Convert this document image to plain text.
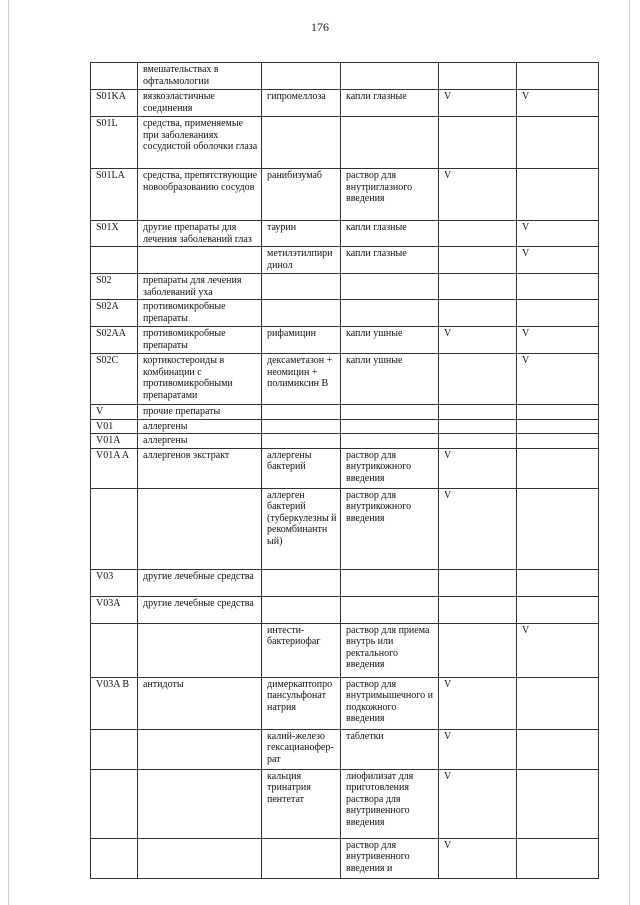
176
	вмешательствах в офтальмологии				
S01KA	вязкоэластичные соединения	гипромеллоза	капли глазные	V	V
S01L	средства, применяемые при заболеваниях сосудистой оболочки глаза				
S01LA	средства, препятствующие новообразованию сосудов	ранибизумаб	раствор для внутриглазного введения	V	
S01X	другие препараты для лечения заболеваний глаз	таурин	капли глазные		V
		метилэтилпири динол	капли глазные		V
S02	препараты для лечения заболеваний уха				
S02A	противомикробные препараты				
S02AA	противомикробные препараты	рифамицин	капли ушные	V	V
S02C	кортикостероиды в комбинации с противомикробными препаратами	дексаметазон + неомицин + полимиксин B	капли ушные		V
V	прочие препараты				
V01	аллергены				
V01A	аллергены				
V01A A	аллергенов экстракт	аллергены бактерий	раствор для внутрикожного введения	V	
		аллерген бактерий (туберкулезны й рекомбинантн ый)	раствор для внутрикожного введения	V	
V03	другие лечебные средства				
V03A	другие лечебные средства				
		интести- бактериофаг	раствор для приема внутрь или ректального введения		V
V03A B	антидоты	димеркаптопро пансульфонат натрия	раствор для внутримышечного и подкожного введения	V	
		калий-железо гексацианофер- рат	таблетки	V	
		кальция тринатрия пентетат	лиофилизат для приготовления раствора для внутривенного введения	V	
			раствор для внутривенного введения и	V	
